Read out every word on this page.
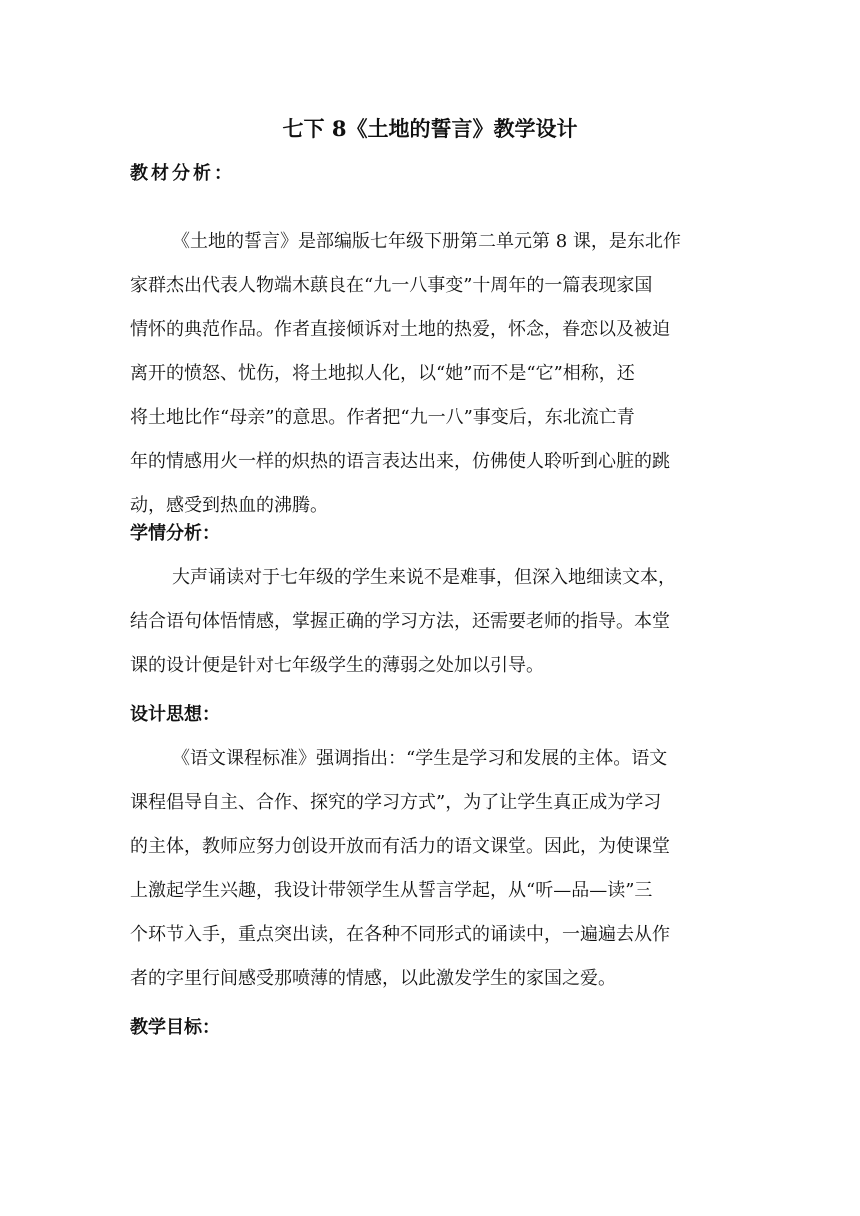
七下 8《土地的誓言》教学设计
教材分析：
《土地的誓言》是部编版七年级下册第二单元第 8 课，是东北作
家群杰出代表人物端木蕻良在“九一八事变”十周年的一篇表现家国
情怀的典范作品。作者直接倾诉对土地的热爱，怀念，眷恋以及被迫
离开的愤怒、忧伤，将土地拟人化，以“她”而不是“它”相称，还
将土地比作“母亲”的意思。作者把“九一八”事变后，东北流亡青
年的情感用火一样的炽热的语言表达出来，仿佛使人聆听到心脏的跳
动，感受到热血的沸腾。
学情分析：
大声诵读对于七年级的学生来说不是难事，但深入地细读文本，
结合语句体悟情感，掌握正确的学习方法，还需要老师的指导。本堂
课的设计便是针对七年级学生的薄弱之处加以引导。
设计思想：
《语文课程标准》强调指出：“学生是学习和发展的主体。语文
课程倡导自主、合作、探究的学习方式”，为了让学生真正成为学习
的主体，教师应努力创设开放而有活力的语文课堂。因此，为使课堂
上激起学生兴趣，我设计带领学生从誓言学起，从“听—品—读”三
个环节入手，重点突出读，在各种不同形式的诵读中，一遍遍去从作
者的字里行间感受那喷薄的情感，以此激发学生的家国之爱。
教学目标：
